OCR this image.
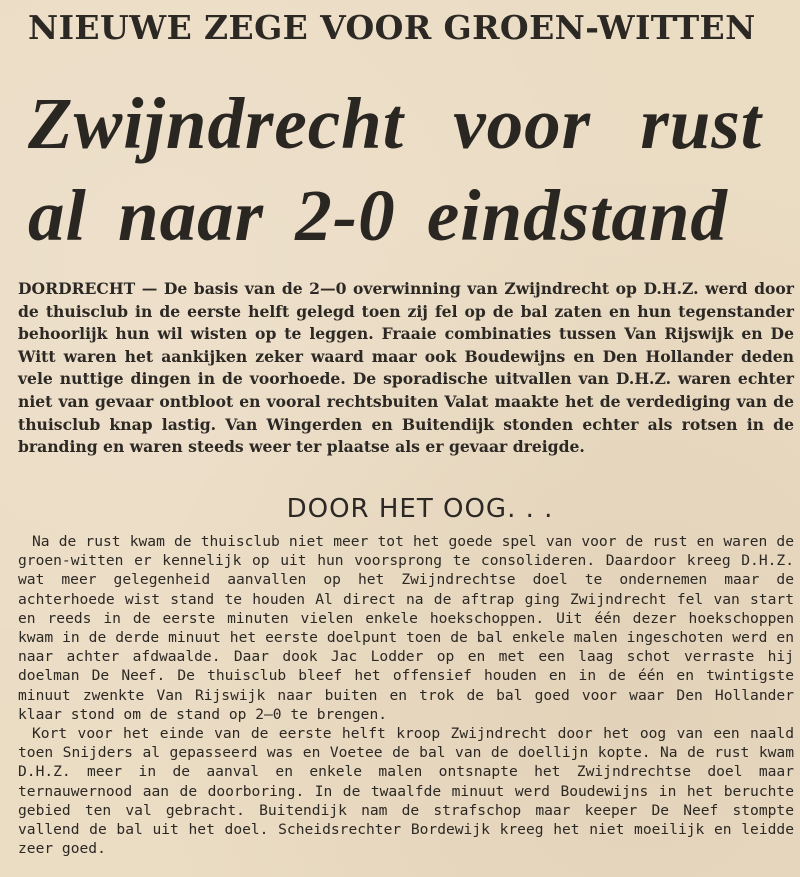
NIEUWE ZEGE VOOR GROEN-WITTEN
Zwijndrecht voor rust
al naar 2-0 eindstand

DORDRECHT — De basis van de 2—0 overwinning van Zwijndrecht op D.H.Z. werd door de thuisclub in de eerste helft gelegd toen zij fel op de bal zaten en hun tegenstander behoorlijk hun wil wisten op te leggen. Fraaie combinaties tussen Van Rijswijk en De Witt waren het aankijken zeker waard maar ook Boudewijns en Den Hollander deden vele nuttige dingen in de voorhoede. De sporadische uitvallen van D.H.Z. waren echter niet van gevaar ontbloot en vooral rechtsbuiten Valat maakte het de verdediging van de thuisclub knap lastig. Van Wingerden en Buitendijk stonden echter als rotsen in de branding en waren steeds weer ter plaatse als er gevaar dreigde.

DOOR HET OOG. . .

Na de rust kwam de thuisclub niet meer tot het goede spel van voor de rust en waren de groen-witten er kennelijk op uit hun voorsprong te consolideren. Daardoor kreeg D.H.Z. wat meer gelegenheid aanvallen op het Zwijndrechtse doel te ondernemen maar de achterhoede wist stand te houden Al direct na de aftrap ging Zwijndrecht fel van start en reeds in de eerste minuten vielen enkele hoekschoppen. Uit één dezer hoekschoppen kwam in de derde minuut het eerste doelpunt toen de bal enkele malen ingeschoten werd en naar achter afdwaalde. Daar dook Jac Lodder op en met een laag schot verraste hij doelman De Neef. De thuisclub bleef het offensief houden en in de één en twintigste minuut zwenkte Van Rijswijk naar buiten en trok de bal goed voor waar Den Hollander klaar stond om de stand op 2—0 te brengen.

Kort voor het einde van de eerste helft kroop Zwijndrecht door het oog van een naald toen Snijders al gepasseerd was en Voetee de bal van de doellijn kopte. Na de rust kwam D.H.Z. meer in de aanval en enkele malen ontsnapte het Zwijndrechtse doel maar ternauwernood aan de doorboring. In de twaalfde minuut werd Boudewijns in het beruchte gebied ten val gebracht. Buitendijk nam de strafschop maar keeper De Neef stompte vallend de bal uit het doel. Scheidsrechter Bordewijk kreeg het niet moeilijk en leidde zeer goed.
